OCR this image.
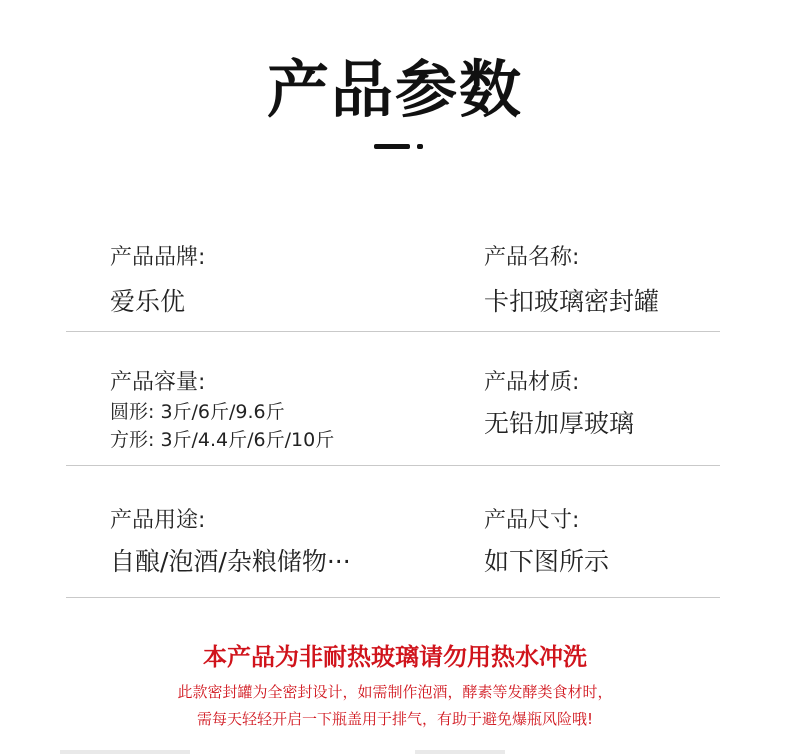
产品参数
产品品牌:
爱乐优
产品名称:
卡扣玻璃密封罐
产品容量:
圆形: 3斤/6斤/9.6斤
方形: 3斤/4.4斤/6斤/10斤
产品材质:
无铅加厚玻璃
产品用途:
自酿/泡酒/杂粮储物···
产品尺寸:
如下图所示
本产品为非耐热玻璃请勿用热水冲洗
此款密封罐为全密封设计，如需制作泡酒，酵素等发酵类食材时，
需每天轻轻开启一下瓶盖用于排气，有助于避免爆瓶风险哦!
